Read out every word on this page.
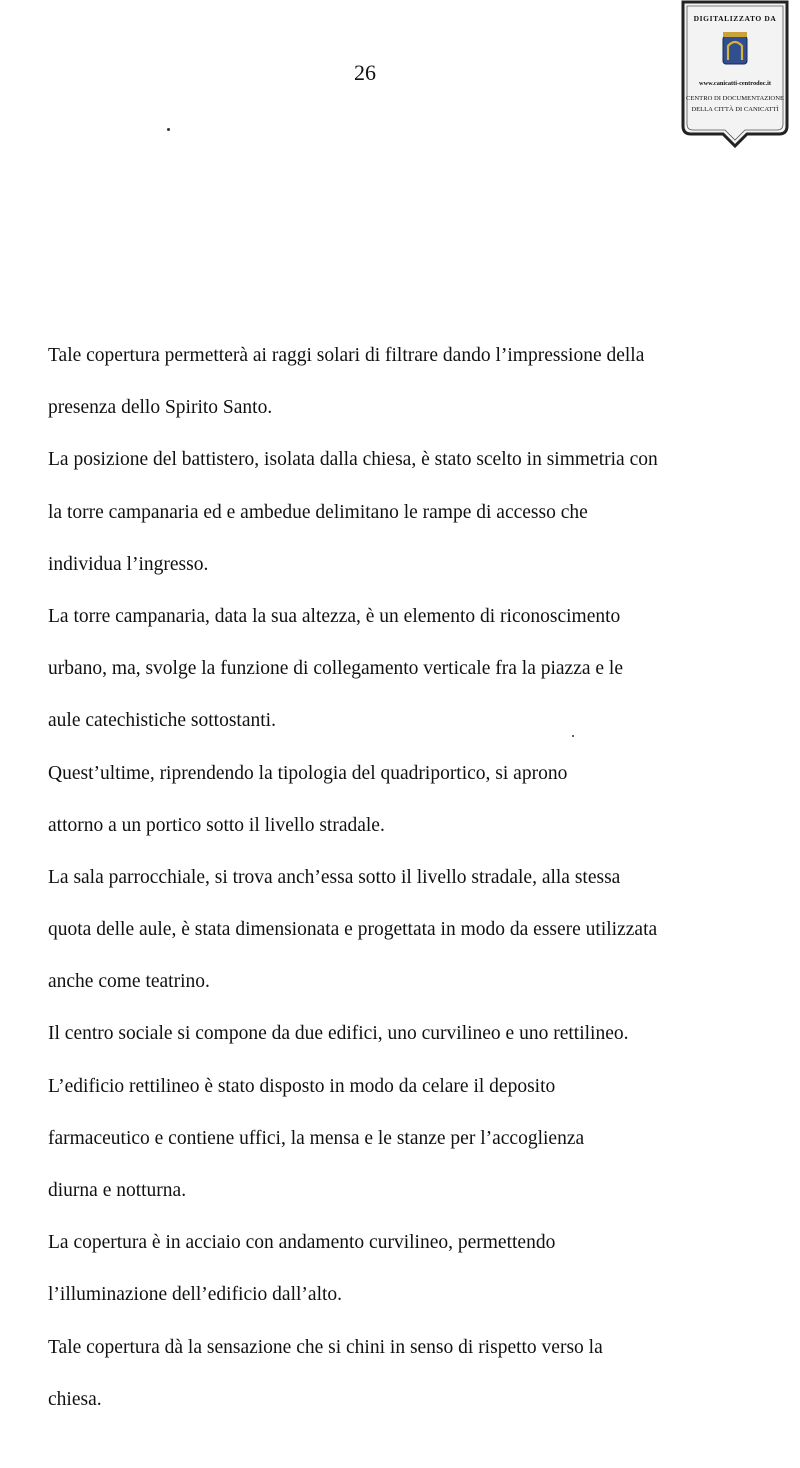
26
DIGITALIZZATO DA
www.canicatti-centrodoc.it
CENTRO DI DOCUMENTAZIONE
DELLA CITTÀ DI CANICATTÌ
Tale copertura permetterà ai raggi solari di filtrare dando l’impressione della
presenza dello Spirito Santo.
La posizione del battistero, isolata dalla chiesa, è stato scelto in simmetria con
la torre campanaria ed e ambedue delimitano le rampe di accesso che
individua l’ingresso.
La torre campanaria, data la sua altezza, è un elemento di riconoscimento
urbano, ma, svolge la funzione di collegamento verticale fra la piazza e le
aule catechistiche sottostanti.
Quest’ultime, riprendendo la tipologia del quadriportico, si aprono
attorno a un portico sotto il livello stradale.
La sala parrocchiale, si trova anch’essa sotto il livello stradale, alla stessa
quota delle aule, è stata dimensionata e progettata in modo da essere utilizzata
anche come teatrino.
Il centro sociale si compone da due edifici, uno curvilineo e uno rettilineo.
L’edificio rettilineo è stato disposto in modo da celare il deposito
farmaceutico e contiene uffici, la mensa e le stanze per l’accoglienza
diurna e notturna.
La copertura è in acciaio con andamento curvilineo, permettendo
l’illuminazione dell’edificio dall’alto.
Tale copertura dà la sensazione che si chini in senso di rispetto verso la
chiesa.
